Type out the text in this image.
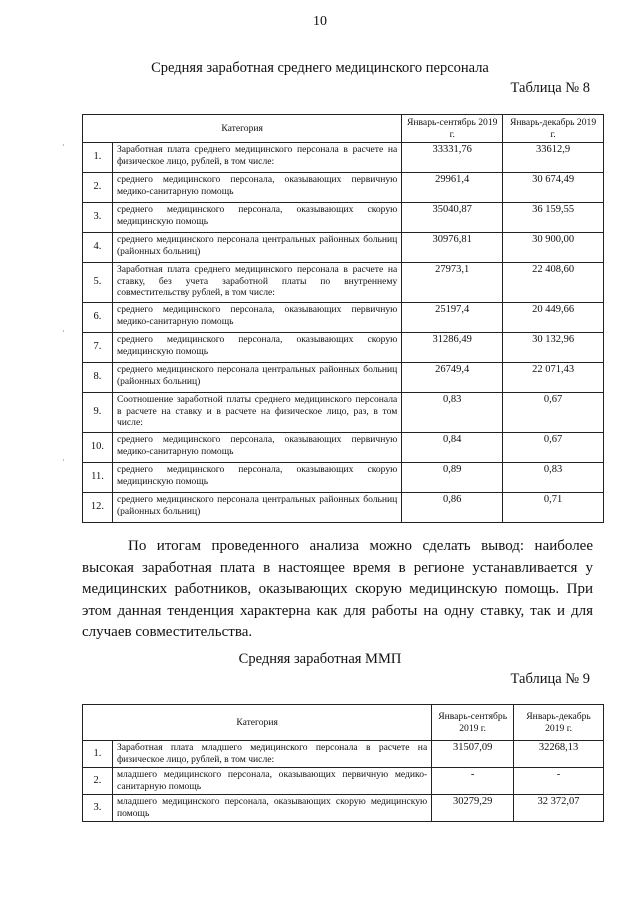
10
Средняя заработная среднего медицинского персонала
Таблица № 8
Категория		Январь-сентябрь 2019 г.	Январь-декабрь 2019 г.
1.	Заработная плата среднего медицинского персонала в расчете на физическое лицо, рублей, в том числе:	33331,76	33612,9
2.	среднего медицинского персонала, оказывающих первичную медико-санитарную помощь	29961,4	30 674,49
3.	среднего медицинского персонала, оказывающих скорую медицинскую помощь	35040,87	36 159,55
4.	среднего медицинского персонала центральных районных больниц (районных больниц)	30976,81	30 900,00
5.	Заработная плата среднего медицинского персонала в расчете на ставку, без учета заработной платы по внутреннему совместительству рублей, в том числе:	27973,1	22 408,60
6.	среднего медицинского персонала, оказывающих первичную медико-санитарную помощь	25197,4	20 449,66
7.	среднего медицинского персонала, оказывающих скорую медицинскую помощь	31286,49	30 132,96
8.	среднего медицинского персонала центральных районных больниц (районных больниц)	26749,4	22 071,43
9.	Соотношение заработной платы среднего медицинского персонала в расчете на ставку и в расчете на физическое лицо, раз, в том числе:	0,83	0,67
10.	среднего медицинского персонала, оказывающих первичную медико-санитарную помощь	0,84	0,67
11.	среднего медицинского персонала, оказывающих скорую медицинскую помощь	0,89	0,83
12.	среднего медицинского персонала центральных районных больниц (районных больниц)	0,86	0,71

По итогам проведенного анализа можно сделать вывод: наиболее высокая заработная плата в настоящее время в регионе устанавливается у медицинских работников, оказывающих скорую медицинскую помощь. При этом данная тенденция характерна как для работы на одну ставку, так и для случаев совместительства.

Средняя заработная ММП
Таблица № 9
Категория		Январь-сентябрь 2019 г.	Январь-декабрь 2019 г.
1.	Заработная плата младшего медицинского персонала в расчете на физическое лицо, рублей, в том числе:	31507,09	32268,13
2.	младшего медицинского персонала, оказывающих первичную медико-санитарную помощь	-	-
3.	младшего медицинского персонала, оказывающих скорую медицинскую помощь	30279,29	32 372,07
·
·
·
